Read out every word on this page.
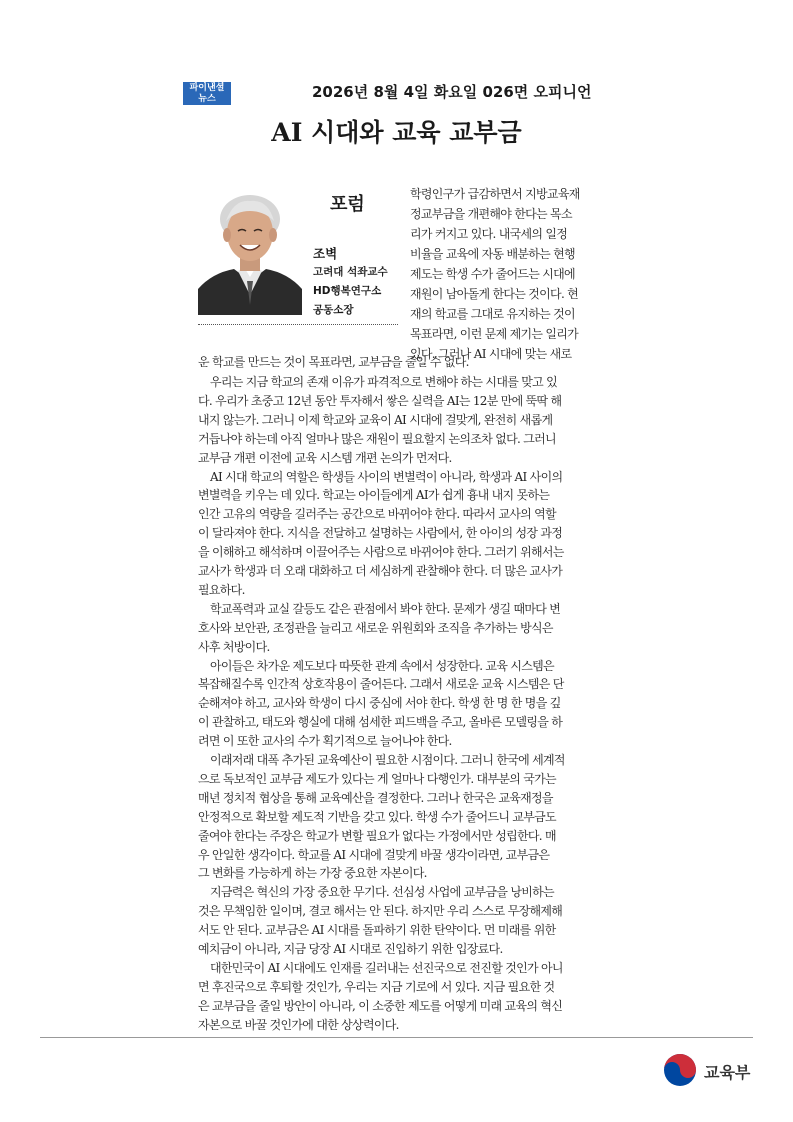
파이낸셜
뉴스	2026년 8월 4일 화요일 026면 오피니언
AI 시대와 교육 교부금
포럼
조벽
고려대 석좌교수
HD행복연구소
공동소장
학령인구가 급감하면서 지방교육재
정교부금을 개편해야 한다는 목소
리가 커지고 있다. 내국세의 일정
비율을 교육에 자동 배분하는 현행
제도는 학생 수가 줄어드는 시대에
재원이 남아돌게 한다는 것이다. 현
재의 학교를 그대로 유지하는 것이
목표라면, 이런 문제 제기는 일리가
있다. 그러나 AI 시대에 맞는 새로
운 학교를 만드는 것이 목표라면, 교부금을 줄일 수 없다.
우리는 지금 학교의 존재 이유가 파격적으로 변해야 하는 시대를 맞고 있
다. 우리가 초중고 12년 동안 투자해서 쌓은 실력을 AI는 12분 만에 뚝딱 해
내지 않는가. 그러니 이제 학교와 교육이 AI 시대에 걸맞게, 완전히 새롭게
거듭나야 하는데 아직 얼마나 많은 재원이 필요할지 논의조차 없다. 그러니
교부금 개편 이전에 교육 시스템 개편 논의가 먼저다.
AI 시대 학교의 역할은 학생들 사이의 변별력이 아니라, 학생과 AI 사이의
변별력을 키우는 데 있다. 학교는 아이들에게 AI가 쉽게 흉내 내지 못하는
인간 고유의 역량을 길러주는 공간으로 바뀌어야 한다. 따라서 교사의 역할
이 달라져야 한다. 지식을 전달하고 설명하는 사람에서, 한 아이의 성장 과정
을 이해하고 해석하며 이끌어주는 사람으로 바뀌어야 한다. 그러기 위해서는
교사가 학생과 더 오래 대화하고 더 세심하게 관찰해야 한다. 더 많은 교사가
필요하다.
학교폭력과 교실 갈등도 같은 관점에서 봐야 한다. 문제가 생길 때마다 변
호사와 보안관, 조정관을 늘리고 새로운 위원회와 조직을 추가하는 방식은
사후 처방이다.
아이들은 차가운 제도보다 따뜻한 관계 속에서 성장한다. 교육 시스템은
복잡해질수록 인간적 상호작용이 줄어든다. 그래서 새로운 교육 시스템은 단
순해져야 하고, 교사와 학생이 다시 중심에 서야 한다. 학생 한 명 한 명을 깊
이 관찰하고, 태도와 행실에 대해 섬세한 피드백을 주고, 올바른 모델링을 하
려면 이 또한 교사의 수가 획기적으로 늘어나야 한다.
이래저래 대폭 추가된 교육예산이 필요한 시점이다. 그러니 한국에 세계적
으로 독보적인 교부금 제도가 있다는 게 얼마나 다행인가. 대부분의 국가는
매년 정치적 협상을 통해 교육예산을 결정한다. 그러나 한국은 교육재정을
안정적으로 확보할 제도적 기반을 갖고 있다. 학생 수가 줄어드니 교부금도
줄여야 한다는 주장은 학교가 변할 필요가 없다는 가정에서만 성립한다. 매
우 안일한 생각이다. 학교를 AI 시대에 걸맞게 바꿀 생각이라면, 교부금은
그 변화를 가능하게 하는 가장 중요한 자본이다.
지금력은 혁신의 가장 중요한 무기다. 선심성 사업에 교부금을 낭비하는
것은 무책임한 일이며, 결코 해서는 안 된다. 하지만 우리 스스로 무장해제해
서도 안 된다. 교부금은 AI 시대를 돌파하기 위한 탄약이다. 먼 미래를 위한
예치금이 아니라, 지금 당장 AI 시대로 진입하기 위한 입장료다.
대한민국이 AI 시대에도 인재를 길러내는 선진국으로 전진할 것인가 아니
면 후진국으로 후퇴할 것인가, 우리는 지금 기로에 서 있다. 지금 필요한 것
은 교부금을 줄일 방안이 아니라, 이 소중한 제도를 어떻게 미래 교육의 혁신
자본으로 바꿀 것인가에 대한 상상력이다.
교육부
